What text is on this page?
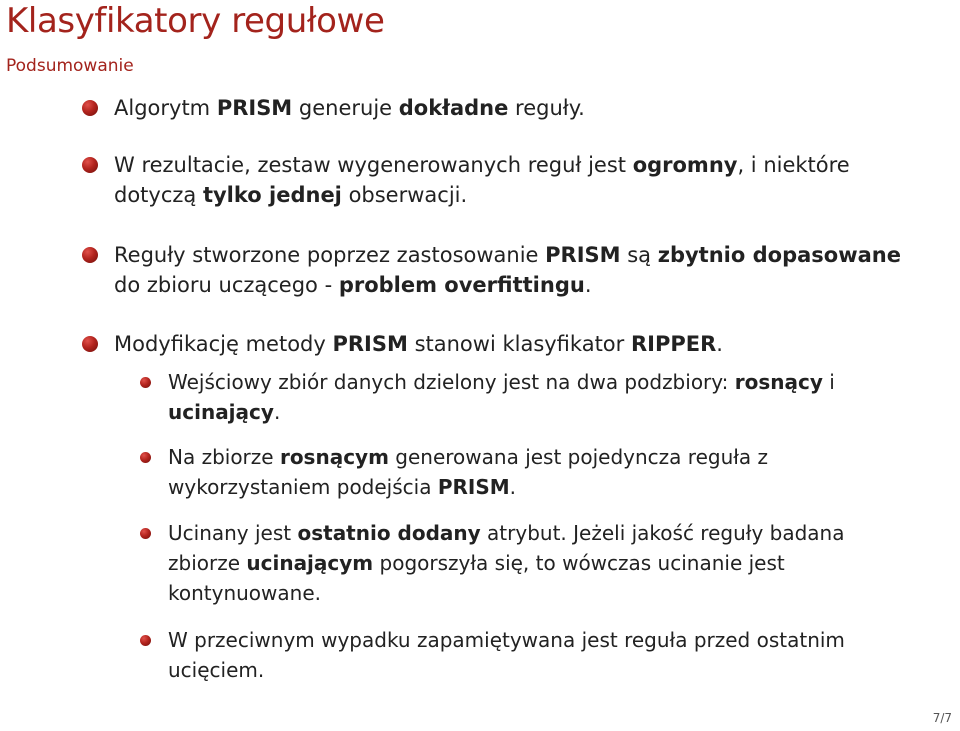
Klasyfikatory regułowe
Podsumowanie
Algorytm PRISM generuje dokładne reguły.
W rezultacie, zestaw wygenerowanych reguł jest ogromny, i niektóre dotyczą tylko jednej obserwacji.
Reguły stworzone poprzez zastosowanie PRISM są zbytnio dopasowane do zbioru uczącego - problem overfittingu.
Modyfikację metody PRISM stanowi klasyfikator RIPPER.
Wejściowy zbiór danych dzielony jest na dwa podzbiory: rosnący i ucinający.
Na zbiorze rosnącym generowana jest pojedyncza reguła z wykorzystaniem podejścia PRISM.
Ucinany jest ostatnio dodany atrybut. Jeżeli jakość reguły badana zbiorze ucinającym pogorszyła się, to wówczas ucinanie jest kontynuowane.
W przeciwnym wypadku zapamiętywana jest reguła przed ostatnim ucięciem.
7/7
